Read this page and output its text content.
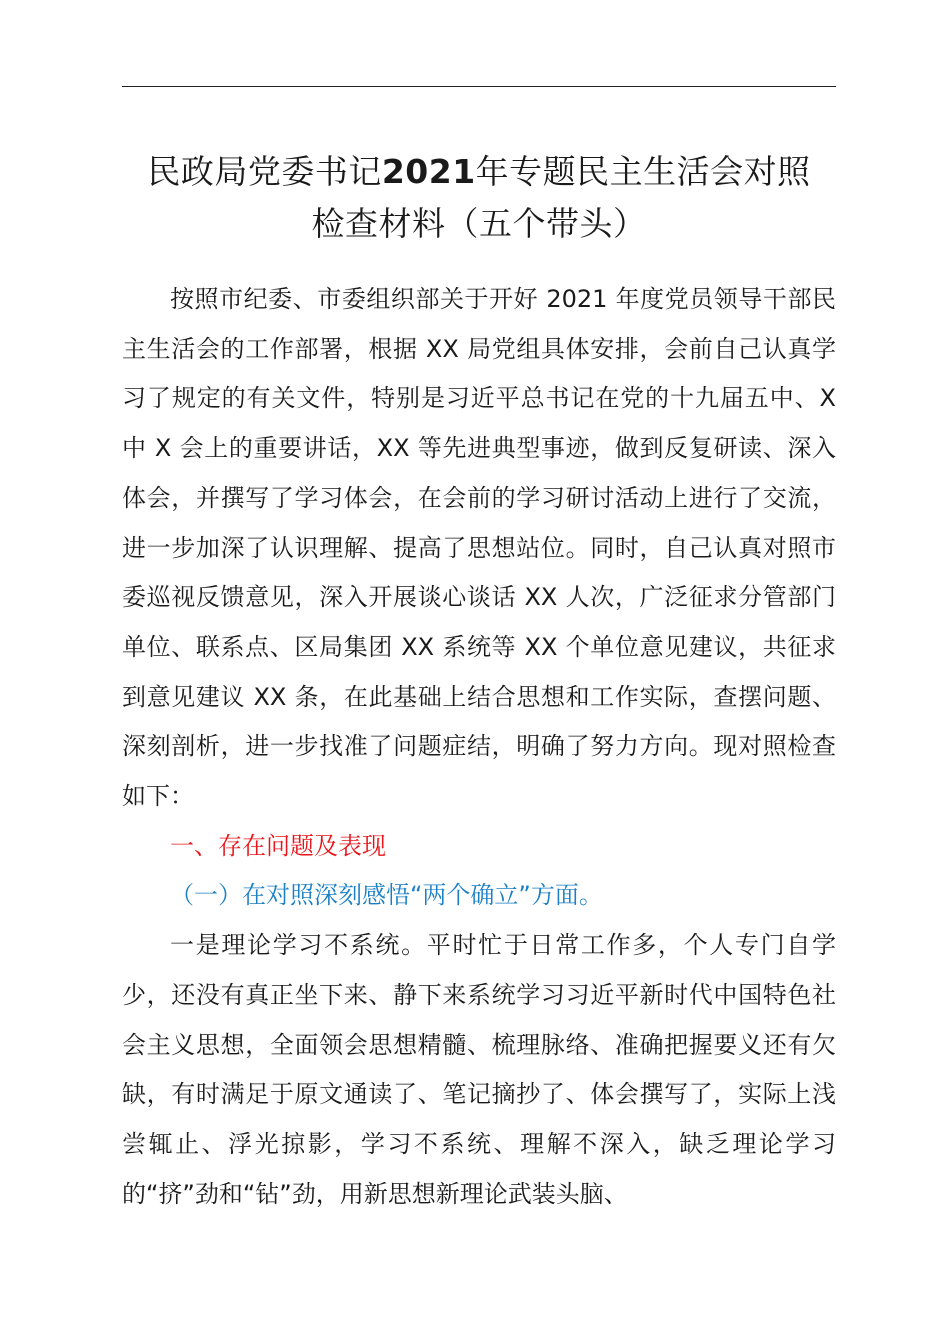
民政局党委书记2021年专题民主生活会对照
检查材料（五个带头）

按照市纪委、市委组织部关于开好 2021 年度党员领导干部民主生活会的工作部署，根据 XX 局党组具体安排，会前自己认真学习了规定的有关文件，特别是习近平总书记在党的十九届五中、X 中 X 会上的重要讲话，XX 等先进典型事迹，做到反复研读、深入体会，并撰写了学习体会，在会前的学习研讨活动上进行了交流，进一步加深了认识理解、提高了思想站位。同时，自己认真对照市委巡视反馈意见，深入开展谈心谈话 XX 人次，广泛征求分管部门单位、联系点、区局集团 XX 系统等 XX 个单位意见建议，共征求到意见建议 XX 条，在此基础上结合思想和工作实际，查摆问题、深刻剖析，进一步找准了问题症结，明确了努力方向。现对照检查如下：

一、存在问题及表现

（一）在对照深刻感悟“两个确立”方面。

一是理论学习不系统。平时忙于日常工作多，个人专门自学少，还没有真正坐下来、静下来系统学习习近平新时代中国特色社会主义思想，全面领会思想精髓、梳理脉络、准确把握要义还有欠缺，有时满足于原文通读了、笔记摘抄了、体会撰写了，实际上浅尝辄止、浮光掠影，学习不系统、理解不深入，缺乏理论学习的“挤”劲和“钻”劲，用新思想新理论武装头脑、
